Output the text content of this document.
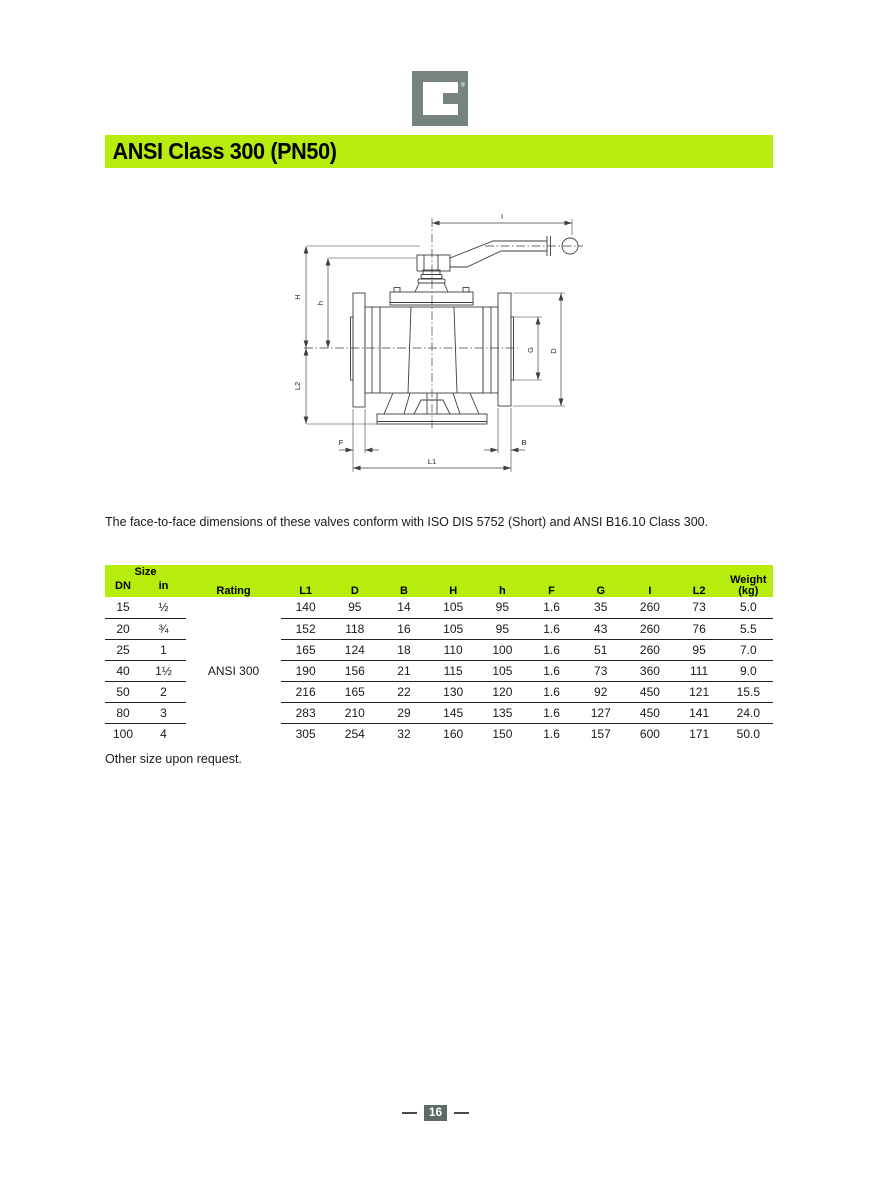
®
ANSI Class 300 (PN50)
I
H
h
L2
G D
F	B
L1
The face-to-face dimensions of these valves conform with ISO DIS 5752 (Short) and ANSI B16.10 Class 300.
Size		Rating	L1	D	B	H	h	F	G	I	L2	Weight
(kg)

DN	in											
15	½	ANSI 300	140	95	14	105	95	1.6	35	260	73	5.0
20	¾		152	118	16	105	95	1.6	43	260	76	5.5
25	1		165	124	18	110	100	1.6	51	260	95	7.0
40	1½		190	156	21	115	105	1.6	73	360	111	9.0
50	2		216	165	22	130	120	1.6	92	450	121	15.5
80	3		283	210	29	145	135	1.6	127	450	141	24.0
100	4		305	254	32	160	150	1.6	157	600	171	50.0
Other size upon request.
16
